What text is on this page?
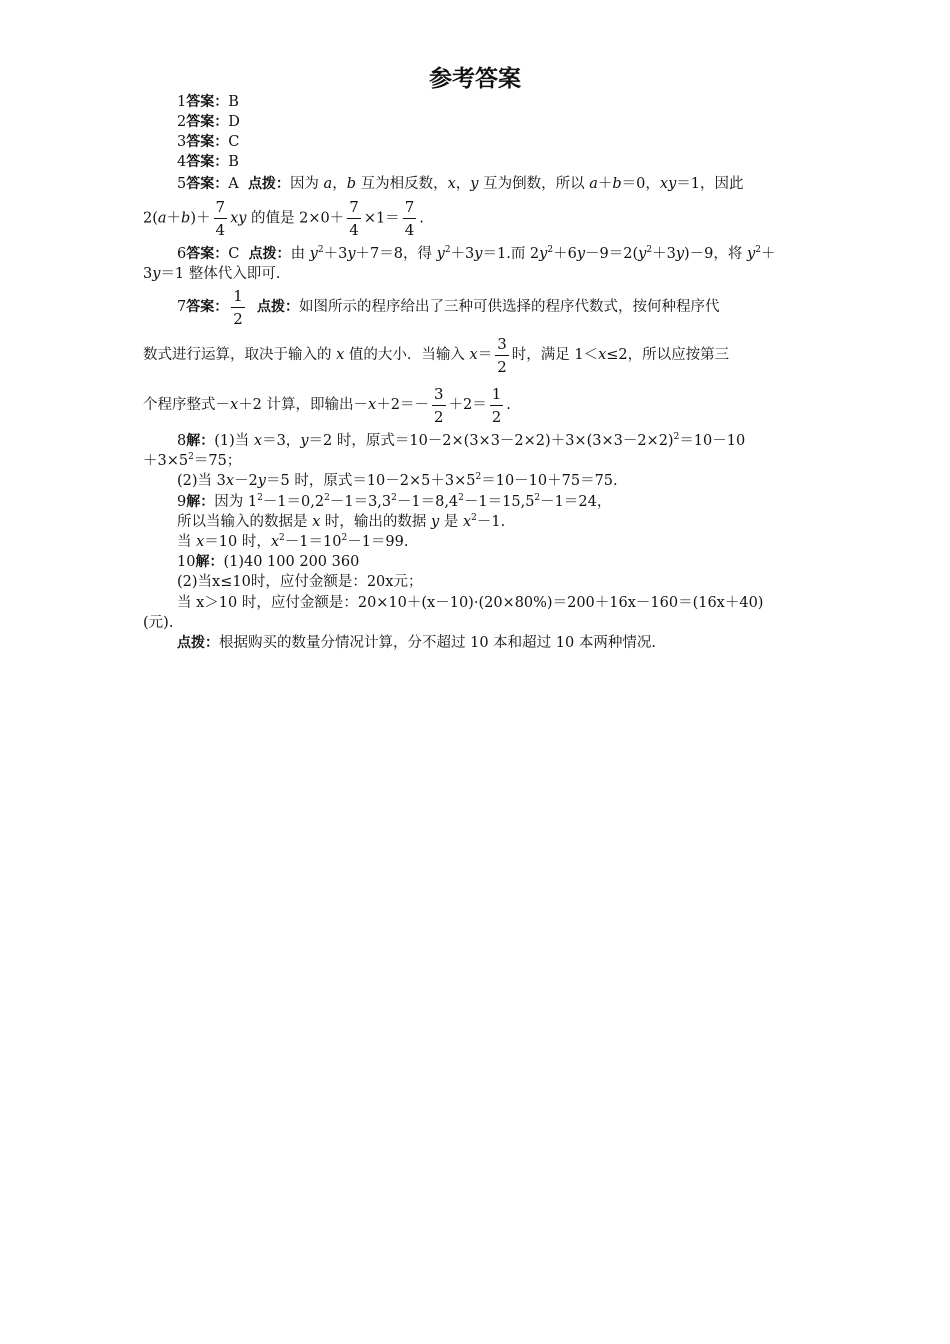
参考答案
1答案：B
2答案：D
3答案：C
4答案：B
5答案：A 点拨：因为 a，b 互为相反数，x，y 互为倒数，所以 a＋b＝0，xy＝1，因此
$2(a+b)+ \frac{7}{4}$ xy 的值是 $2\times 0+ \frac{7}{4} \times 1= \frac{7}{4}$ .
6答案：C 点拨：由 $y^2+3y+7=8$，得 $y^2+3y=1$.而 $2y^2+6y-9=2(y^2+3y)-9$，将 $y^2+$
3y＝1 整体代入即可.
7答案： $\frac{1}{2}$ 点拨：如图所示的程序给出了三种可供选择的程序代数式，按何种程序代
数式进行运算，取决于输入的 x 值的大小．当输入 $x= \frac{3}{2}$ 时，满足 1＜x≤2，所以应按第三
个程序整式－x＋2 计算，即输出$-x+2=- \frac{3}{2} +2= \frac{1}{2}$ .
8解：(1)当 x＝3，y＝2 时，原式$=10-2\times(3\times 3-2\times 2)+3\times(3\times 3-2\times 2)^2=10-10$
$+3\times 5^2=75$；
(2)当 3x－2y＝5 时，原式$=10-2\times 5+3\times 5^2=10-10+75=75$.
9解：因为 $1^2-1=0,2^2-1=3,3^2-1=8,4^2-1=15,5^2-1=24$，
所以当输入的数据是 x 时，输出的数据 y 是 $x^2-1$.
当 x＝10 时，$x^2-1=10^2-1=99$.
10解：(1)40 100 200 360
(2)当x≤10时，应付金额是：20x元；
当 x＞10 时，应付金额是：20×10＋(x－10)·(20×80%)＝200＋16x－160＝(16x＋40)
(元).
点拨：根据购买的数量分情况计算，分不超过 10 本和超过 10 本两种情况.
